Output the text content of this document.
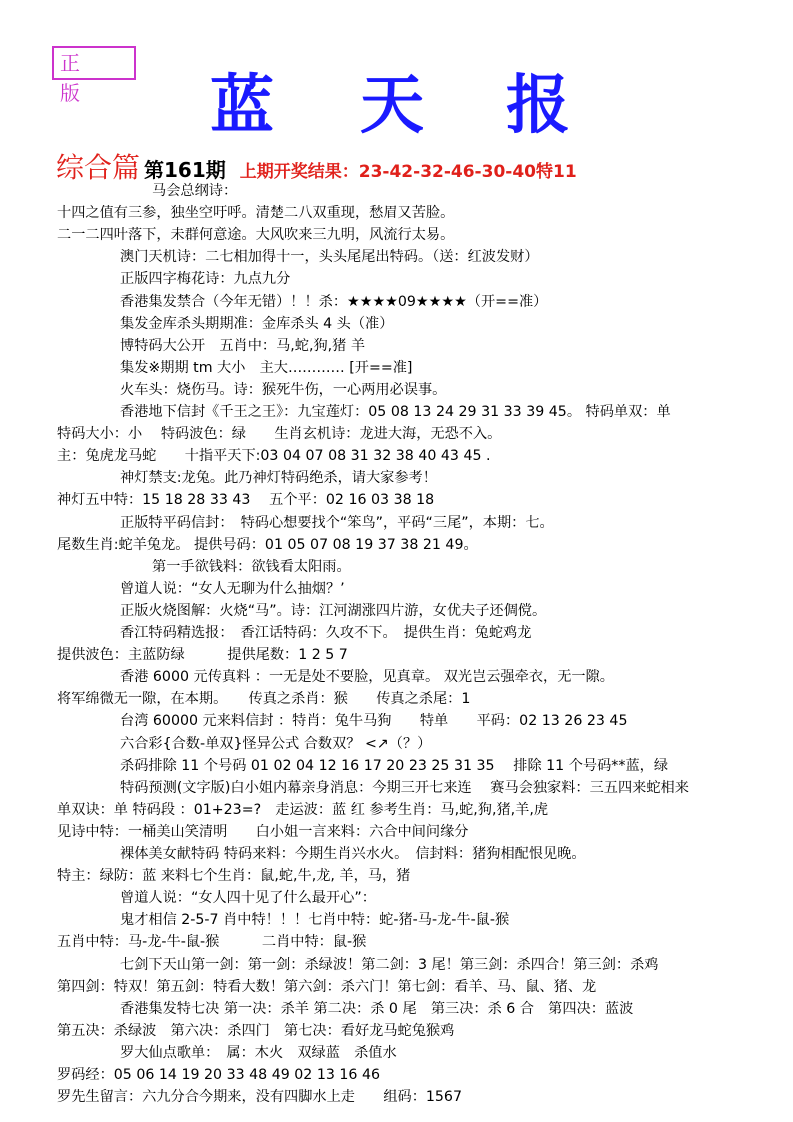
正 版	蓝 天 报
综合篇 第161期 上期开奖结果：23-42-32-46-30-40特11
马会总纲诗：
十四之值有三参，独坐空吁呼。清楚二八双重现，愁眉又苦脸。
二一二四叶落下，未群何意途。大风吹来三九明，风流行太易。
澳门天机诗：二七相加得十一，头头尾尾出特码。（送：红波发财）
正版四字梅花诗：九点九分
香港集发禁合（今年无错）！！杀：★★★★09★★★★（开==准）
集发金库杀头期期准：金库杀头 4 头（准）
博特码大公开　五肖中：马,蛇,狗,猪 羊
集发※期期 tm 大小　主大………… [开==准]
火车头：烧伤马。诗：猴死牛伤，一心两用必误事。
香港地下信封《千王之王》：九宝莲灯：05 08 13 24 29 31 33 39 45。 特码单双：单
特码大小：小　 特码波色：绿　　生肖玄机诗：龙进大海，无恐不入。
主：兔虎龙马蛇　　十指平天下:03 04 07 08 31 32 38 40 43 45 .
神灯禁支:龙兔。此乃神灯特码绝杀，请大家参考！
神灯五中特：15 18 28 33 43　 五个平：02 16 03 38 18
正版特平码信封：　特码心想要找个“笨鸟”，平码“三尾”，本期：七。
尾数生肖:蛇羊兔龙。 提供号码：01 05 07 08 19 37 38 21 49。
第一手欲钱料：欲钱看太阳雨。
曾道人说：“女人无聊为什么抽烟？’
正版火烧图解：火烧“马”。诗：江河湖涨四片游，女优夫子还倜傥。
香江特码精选报：　香江话特码：久攻不下。　提供生肖：兔蛇鸡龙
提供波色：主蓝防绿　　　提供尾数：1 2 5 7
香港 6000 元传真料 ：一无是处不要脸，见真章。 双光岂云强牵衣，无一隙。
将军绵微无一隙，在本期。　　传真之杀肖：猴　　传真之杀尾：1
台湾 60000 元来料信封 ：特肖：兔牛马狗　　特单　　平码：02 13 26 23 45
六合彩{合数-单双}怪异公式 合数双？ <↗（？）
杀码排除 11 个号码 01 02 04 12 16 17 20 23 25 31 35　 排除 11 个号码**蓝，绿
特码预测(文字版)白小姐内幕亲身消息：今期三开七来连　 赛马会独家料：三五四来蛇相来
单双诀：单 特码段 ：01+23=?　走运波：蓝 红 参考生肖：马,蛇,狗,猪,羊,虎
见诗中特：一桶美山笑清明　　白小姐一言来料：六合中间问缘分
裸体美女献特码 特码来料：今期生肖兴水火。　信封料：猪狗相配恨见晚。
特主：绿防：蓝 来料七个生肖：鼠,蛇,牛,龙, 羊，马，猪
曾道人说：“女人四十见了什么最开心”：
鬼才相信 2-5-7 肖中特！！！七肖中特：蛇-猪-马-龙-牛-鼠-猴
五肖中特：马-龙-牛-鼠-猴　　　二肖中特：鼠-猴
七剑下天山第一剑：第一剑：杀绿波！第二剑：3 尾！第三剑：杀四合！第三剑：杀鸡
第四剑：特双！第五剑：特看大数！第六剑：杀六门！第七剑：看羊、马、鼠、猪、龙
香港集发特七决 第一决：杀羊 第二决：杀 0 尾　第三决：杀 6 合　第四决：蓝波
第五决：杀绿波　第六决：杀四门　第七决：看好龙马蛇兔猴鸡
罗大仙点歌单：　属：木火　双绿蓝　杀值水
罗码经：05 06 14 19 20 33 48 49 02 13 16 46
罗先生留言：六九分合今期来，没有四脚水上走　　组码：1567
